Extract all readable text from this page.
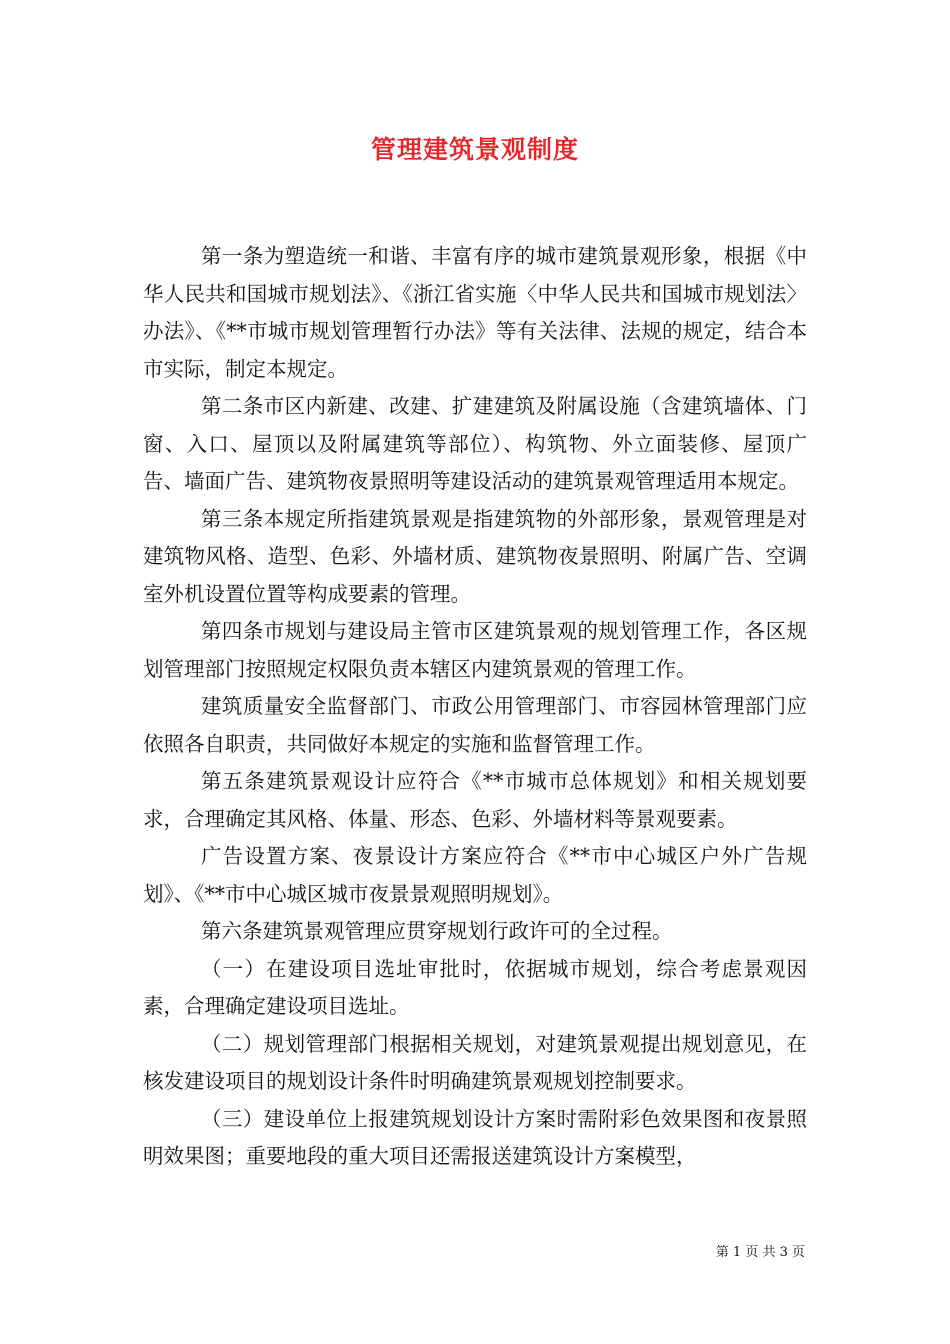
管理建筑景观制度

第一条为塑造统一和谐、丰富有序的城市建筑景观形象，根据《中华人民共和国城市规划法》、《浙江省实施〈中华人民共和国城市规划法〉办法》、《**市城市规划管理暂行办法》等有关法律、法规的规定，结合本市实际，制定本规定。

第二条市区内新建、改建、扩建建筑及附属设施（含建筑墙体、门窗、入口、屋顶以及附属建筑等部位）、构筑物、外立面装修、屋顶广告、墙面广告、建筑物夜景照明等建设活动的建筑景观管理适用本规定。

第三条本规定所指建筑景观是指建筑物的外部形象，景观管理是对建筑物风格、造型、色彩、外墙材质、建筑物夜景照明、附属广告、空调室外机设置位置等构成要素的管理。

第四条市规划与建设局主管市区建筑景观的规划管理工作，各区规划管理部门按照规定权限负责本辖区内建筑景观的管理工作。

建筑质量安全监督部门、市政公用管理部门、市容园林管理部门应依照各自职责，共同做好本规定的实施和监督管理工作。

第五条建筑景观设计应符合《**市城市总体规划》和相关规划要求，合理确定其风格、体量、形态、色彩、外墙材料等景观要素。

广告设置方案、夜景设计方案应符合《**市中心城区户外广告规划》、《**市中心城区城市夜景景观照明规划》。

第六条建筑景观管理应贯穿规划行政许可的全过程。

（一）在建设项目选址审批时，依据城市规划，综合考虑景观因素，合理确定建设项目选址。

（二）规划管理部门根据相关规划，对建筑景观提出规划意见，在核发建设项目的规划设计条件时明确建筑景观规划控制要求。

（三）建设单位上报建筑规划设计方案时需附彩色效果图和夜景照明效果图；重要地段的重大项目还需报送建筑设计方案模型，

第 1 页 共 3 页
